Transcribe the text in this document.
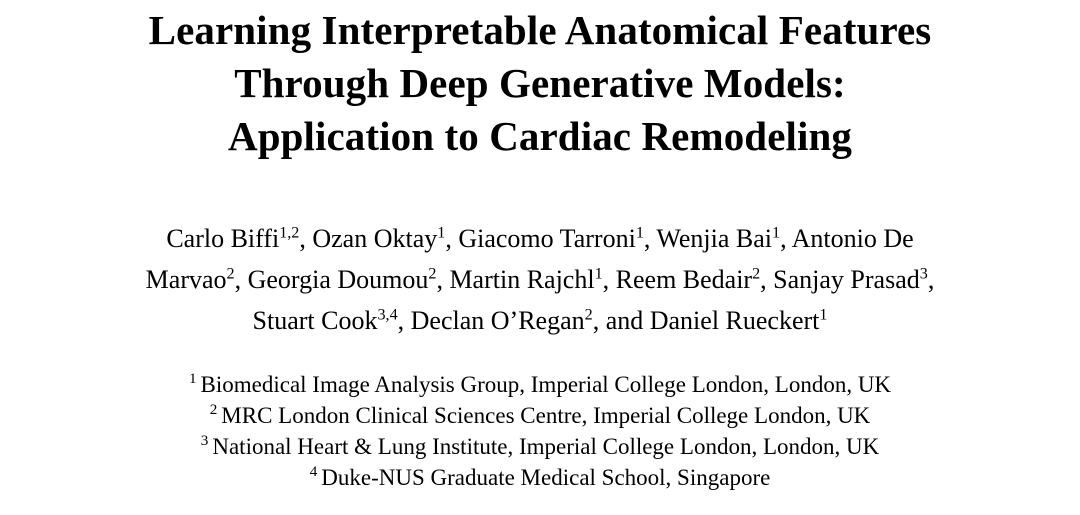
Learning Interpretable Anatomical Features
Through Deep Generative Models:
Application to Cardiac Remodeling
Carlo Biffi$^{1,2}$, Ozan Oktay$^1$, Giacomo Tarroni$^1$, Wenjia Bai$^1$, Antonio De
Marvao$^2$, Georgia Doumou$^2$, Martin Rajchl$^1$, Reem Bedair$^2$, Sanjay Prasad$^3$,
Stuart Cook$^{3,4}$, Declan O’Regan$^2$, and Daniel Rueckert$^1$
$^1$ Biomedical Image Analysis Group, Imperial College London, London, UK
$^2$ MRC London Clinical Sciences Centre, Imperial College London, UK
$^3$ National Heart & Lung Institute, Imperial College London, London, UK
$^4$ Duke-NUS Graduate Medical School, Singapore
